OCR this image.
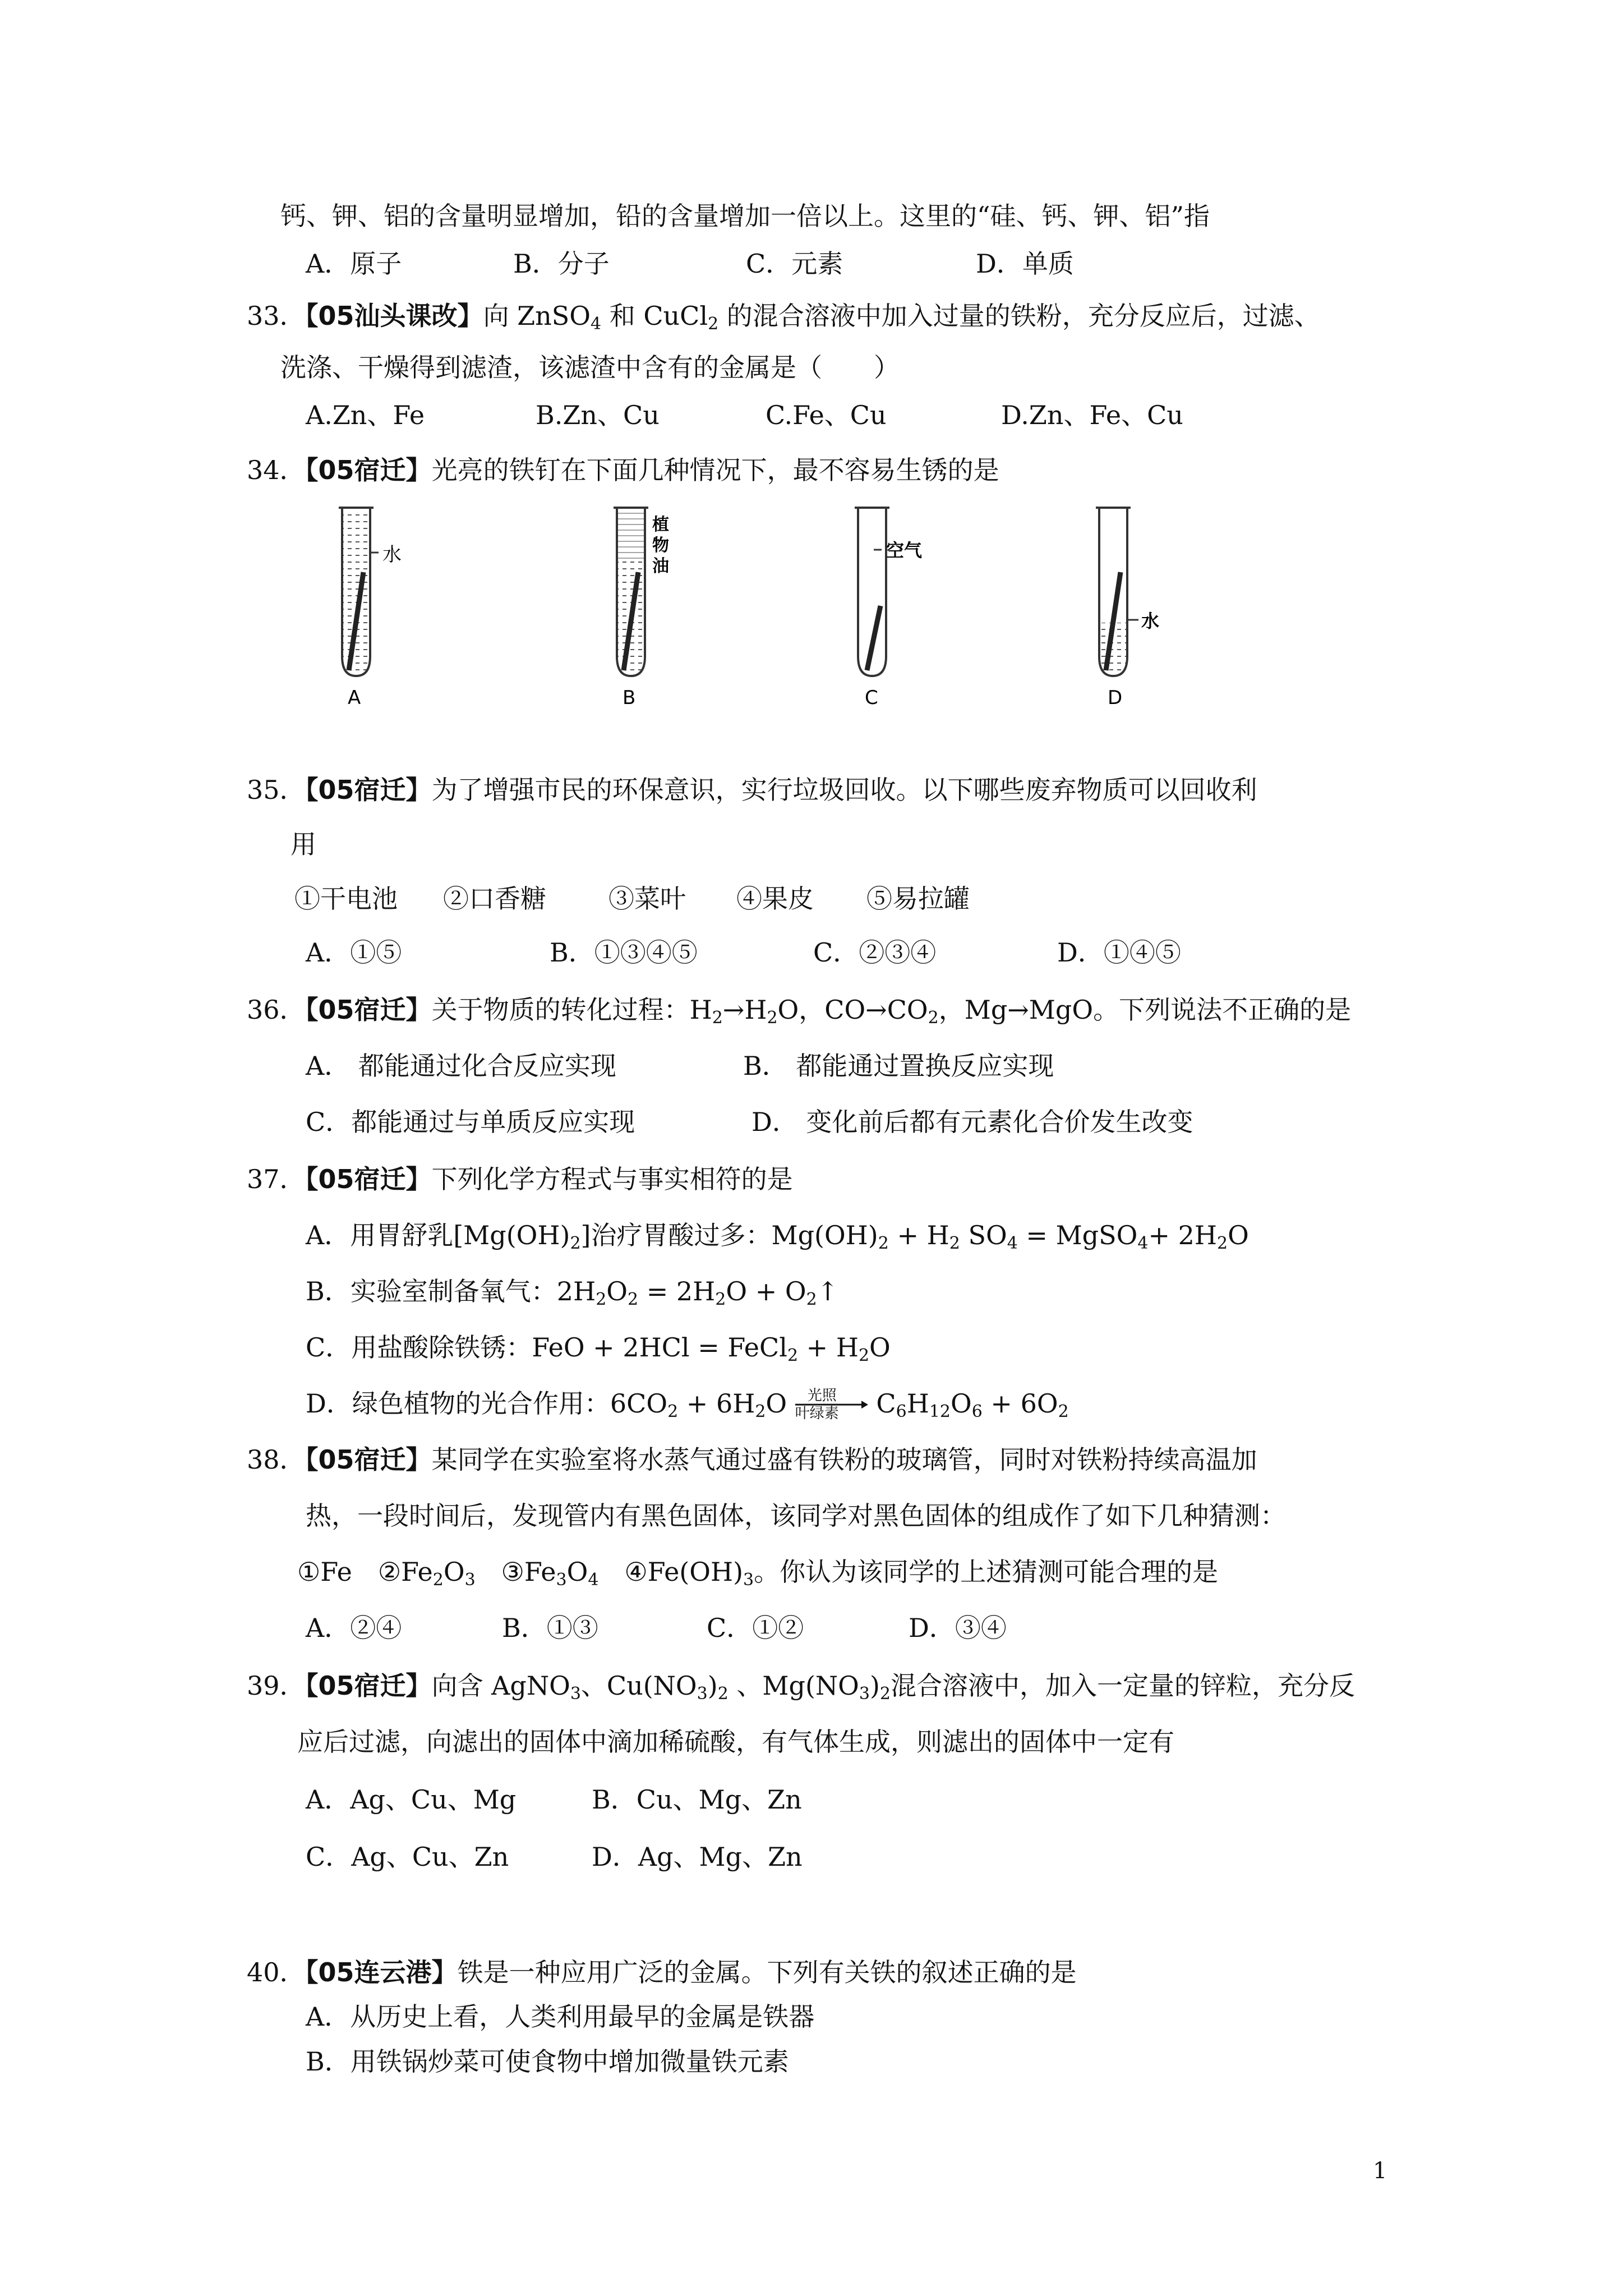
钙、钾、铝的含量明显增加，铅的含量增加一倍以上。这里的“硅、钙、钾、铝”指
A．原子	B．分子	C．元素	D．单质
33．【05汕头课改】向 ZnSO$_4$ 和 CuCl$_2$ 的混合溶液中加入过量的铁粉，充分反应后，过滤、
洗涤、干燥得到滤渣，该滤渣中含有的金属是（　　）
A.Zn、Fe	B.Zn、Cu	C.Fe、Cu	D.Zn、Fe、Cu
34．【05宿迁】光亮的铁钉在下面几种情况下，最不容易生锈的是
水
A
植
物
油
B
空气
C
水
D
35．【05宿迁】为了增强市民的环保意识，实行垃圾回收。以下哪些废弃物质可以回收利
用
①干电池 ②口香糖 ③菜叶 ④果皮 ⑤易拉罐
A．①⑤	B．①③④⑤	C．②③④	D．①④⑤
36．【05宿迁】关于物质的转化过程：$H_2\to H_2O$，$CO\to CO_2$，Mg→MgO。下列说法不正确的是
A． 都能通过化合反应实现	B． 都能通过置换反应实现
C．都能通过与单质反应实现	D． 变化前后都有元素化合价发生改变
37．【05宿迁】下列化学方程式与事实相符的是
A．用胃舒乳$[Mg(OH)_2]$治疗胃酸过多：$Mg(OH)_2 + H_2$ $SO_4$ = MgSO$_4$+ $2H_2O$
B．实验室制备氧气：$2H_2O_2 = 2H_2O$ + $O_2↑$
C．用盐酸除铁锈：FeO + 2HCl = FeCl$_2$ + $H_2O$
D．绿色植物的光合作用：$6CO_2 + 6H_2O$ 光照
叶绿素 $C_6H_{12}O_6 + 6O_2$
38．【05宿迁】某同学在实验室将水蒸气通过盛有铁粉的玻璃管，同时对铁粉持续高温加
热，一段时间后，发现管内有黑色固体，该同学对黑色固体的组成作了如下几种猜测：
①Fe  $②Fe_2O_3$  $③Fe_3O_4$  $④Fe(OH)_3$。你认为该同学的上述猜测可能合理的是
A．②④	B．①③	C．①②	D．③④
39．【05宿迁】向含 AgNO$_3$、$Cu(NO_3)_2$ 、$Mg(NO_3)_2$混合溶液中，加入一定量的锌粒，充分反
应后过滤，向滤出的固体中滴加稀硫酸，有气体生成，则滤出的固体中一定有
A．Ag、Cu、Mg	B．Cu、Mg、Zn
C．Ag、Cu、Zn	D．Ag、Mg、Zn
40．【05连云港】铁是一种应用广泛的金属。下列有关铁的叙述正确的是
A．从历史上看，人类利用最早的金属是铁器
B．用铁锅炒菜可使食物中增加微量铁元素
1
